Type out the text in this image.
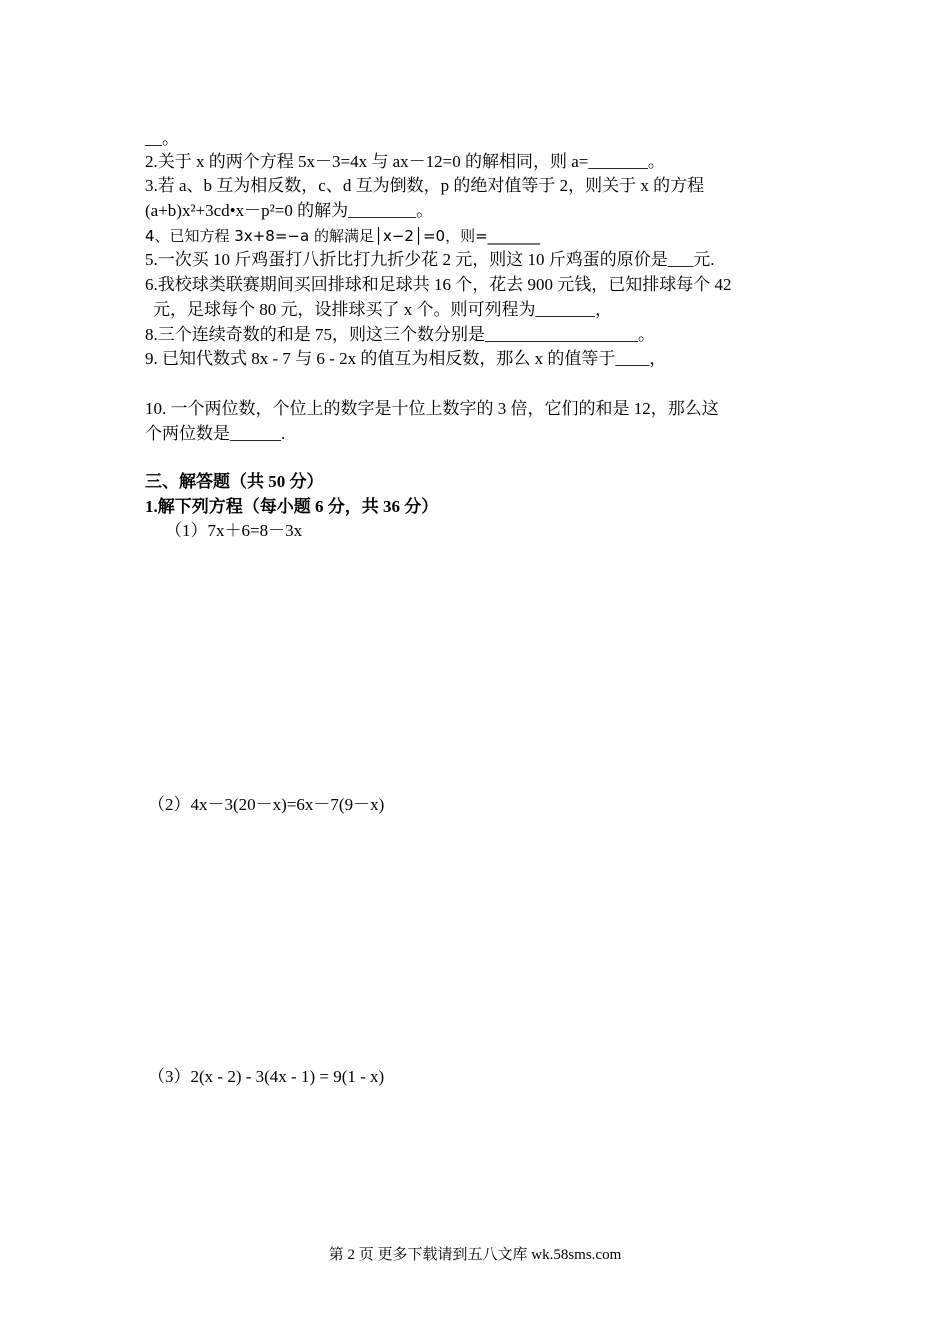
__。
2.关于 x 的两个方程 5x－3=4x 与 ax－12=0 的解相同，则 a=_______。
3.若 a、b 互为相反数，c、d 互为倒数，p 的绝对值等于 2，则关于 x 的方程
(a+b)x²+3cd•x－p²=0 的解为________。
4、已知方程 3x+8=−a 的解满足│x−2│=0，则=_______
5.一次买 10 斤鸡蛋打八折比打九折少花 2 元，则这 10 斤鸡蛋的原价是___元.
6.我校球类联赛期间买回排球和足球共 16 个，花去 900 元钱，已知排球每个 42
元，足球每个 80 元，设排球买了 x 个。则可列程为_______，
8.三个连续奇数的和是 75，则这三个数分别是__________________。
9. 已知代数式 8x - 7 与 6 - 2x 的值互为相反数，那么 x 的值等于____，
10. 一个两位数，个位上的数字是十位上数字的 3 倍，它们的和是 12，那么这
个两位数是______.
三、解答题（共 50 分）
1.解下列方程（每小题 6 分，共 36 分）
（1）7x＋6=8－3x
（2）4x－3(20－x)=6x－7(9－x)
（3）2(x - 2) - 3(4x - 1) = 9(1 - x)
第 2 页 更多下载请到五八文库 wk.58sms.com
